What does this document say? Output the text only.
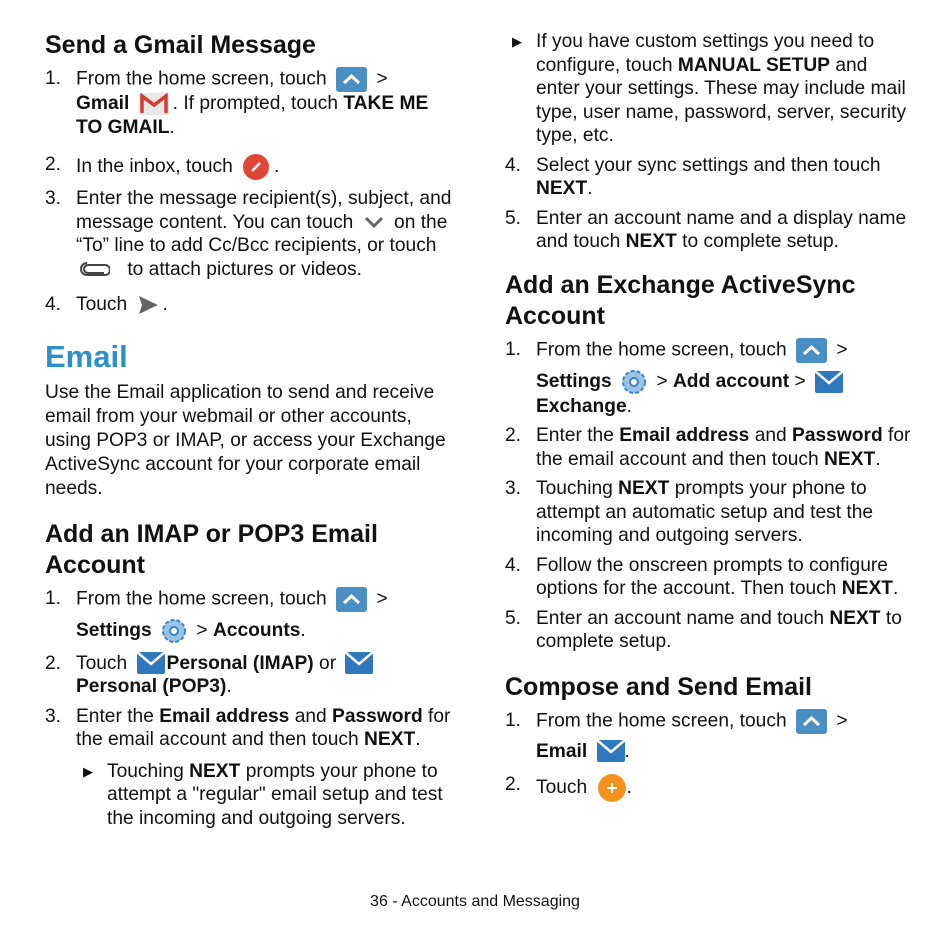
Send a Gmail Message
1. From the home screen, touch	>
Gmail . If prompted, touch TAKE ME TO GMAIL.
2. In the inbox, touch .
3. Enter the message recipient(s), subject, and message content. You can touch on the “To” line to add Cc/Bcc recipients, or touch
to attach pictures or videos.
4. Touch .
Email

Use the Email application to send and receive email from your webmail or other accounts, using POP3 or IMAP, or access your Exchange ActiveSync account for your corporate email needs.

Add an IMAP or POP3 Email Account
1. From the home screen, touch	>
Settings > Accounts.
2. Touch Personal (IMAP) or

Personal (POP3).
3. Enter the Email address and Password for the email account and then touch NEXT.
▶ Touching NEXT prompts your phone to attempt a "regular" email setup and test the incoming and outgoing servers.
▶ If you have custom settings you need to configure, touch MANUAL SETUP and enter your settings. These may include mail type, user name, password, server, security type, etc.
4. Select your sync settings and then touch NEXT.
5. Enter an account name and a display name and touch NEXT to complete setup.
Add an Exchange ActiveSync Account
1. From the home screen, touch	>
Settings > Add account >

Exchange.
2. Enter the Email address and Password for the email account and then touch NEXT.
3. Touching NEXT prompts your phone to attempt an automatic setup and test the incoming and outgoing servers.
4. Follow the onscreen prompts to configure options for the account. Then touch NEXT.
5. Enter an account name and touch NEXT to complete setup.
Compose and Send Email
1. From the home screen, touch	>
Email .
2. Touch .
36 - Accounts and Messaging
